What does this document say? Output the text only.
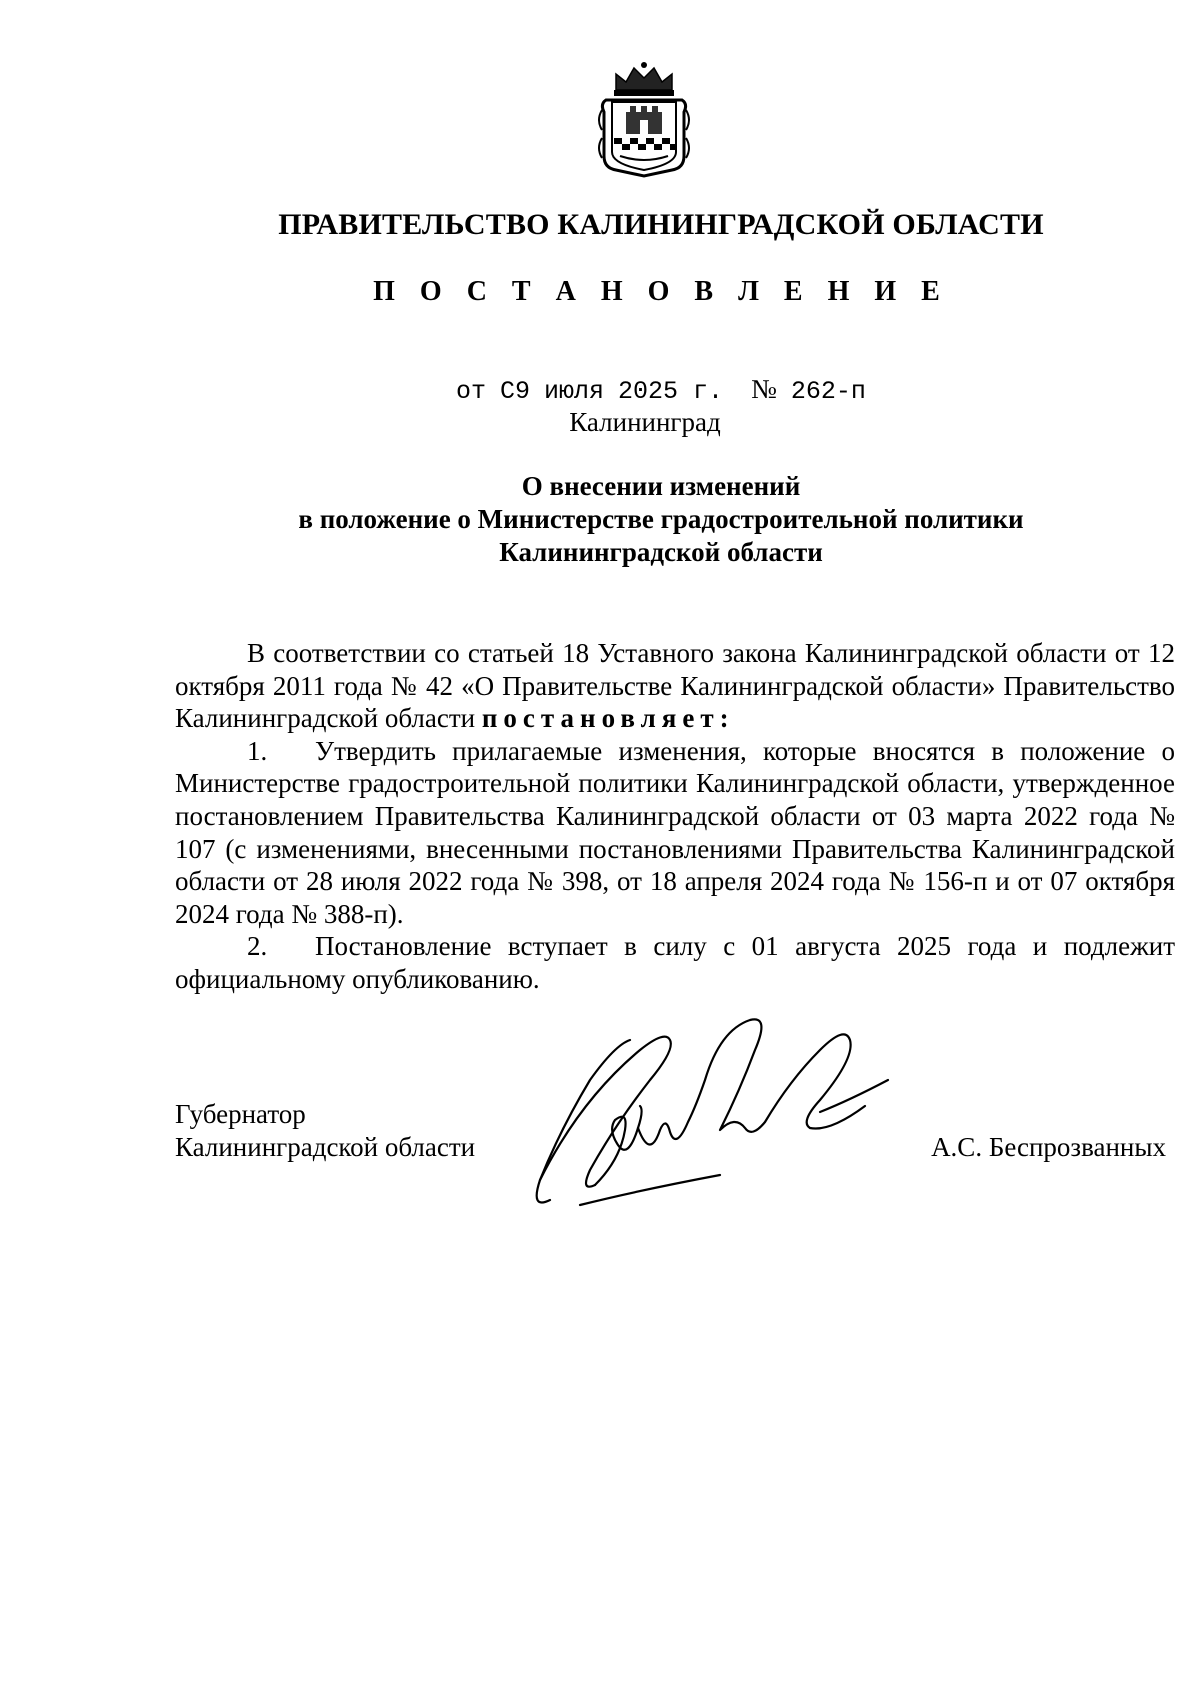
ПРАВИТЕЛЬСТВО КАЛИНИНГРАДСКОЙ ОБЛАСТИ
П О С Т А Н О В Л Е Н И Е
от С9 июля 2025 г. № 262-п
Калининград
О внесении изменений
в положение о Министерстве градостроительной политики
Калининградской области

В соответствии со статьей 18 Уставного закона Калининградской области от 12 октября 2011 года № 42 «О Правительстве Калининградской области» Правительство Калининградской области постановляет:

1. Утвердить прилагаемые изменения, которые вносятся в положение о Министерстве градостроительной политики Калининградской области, утвержденное постановлением Правительства Калининградской области от 03 марта 2022 года № 107 (с изменениями, внесенными постановлениями Правительства Калининградской области от 28 июля 2022 года № 398, от 18 апреля 2024 года № 156-п и от 07 октября 2024 года № 388-п).

2. Постановление вступает в силу с 01 августа 2025 года и подлежит официальному опубликованию.

Губернатор
Калининградской области	А.С. Беспрозванных
